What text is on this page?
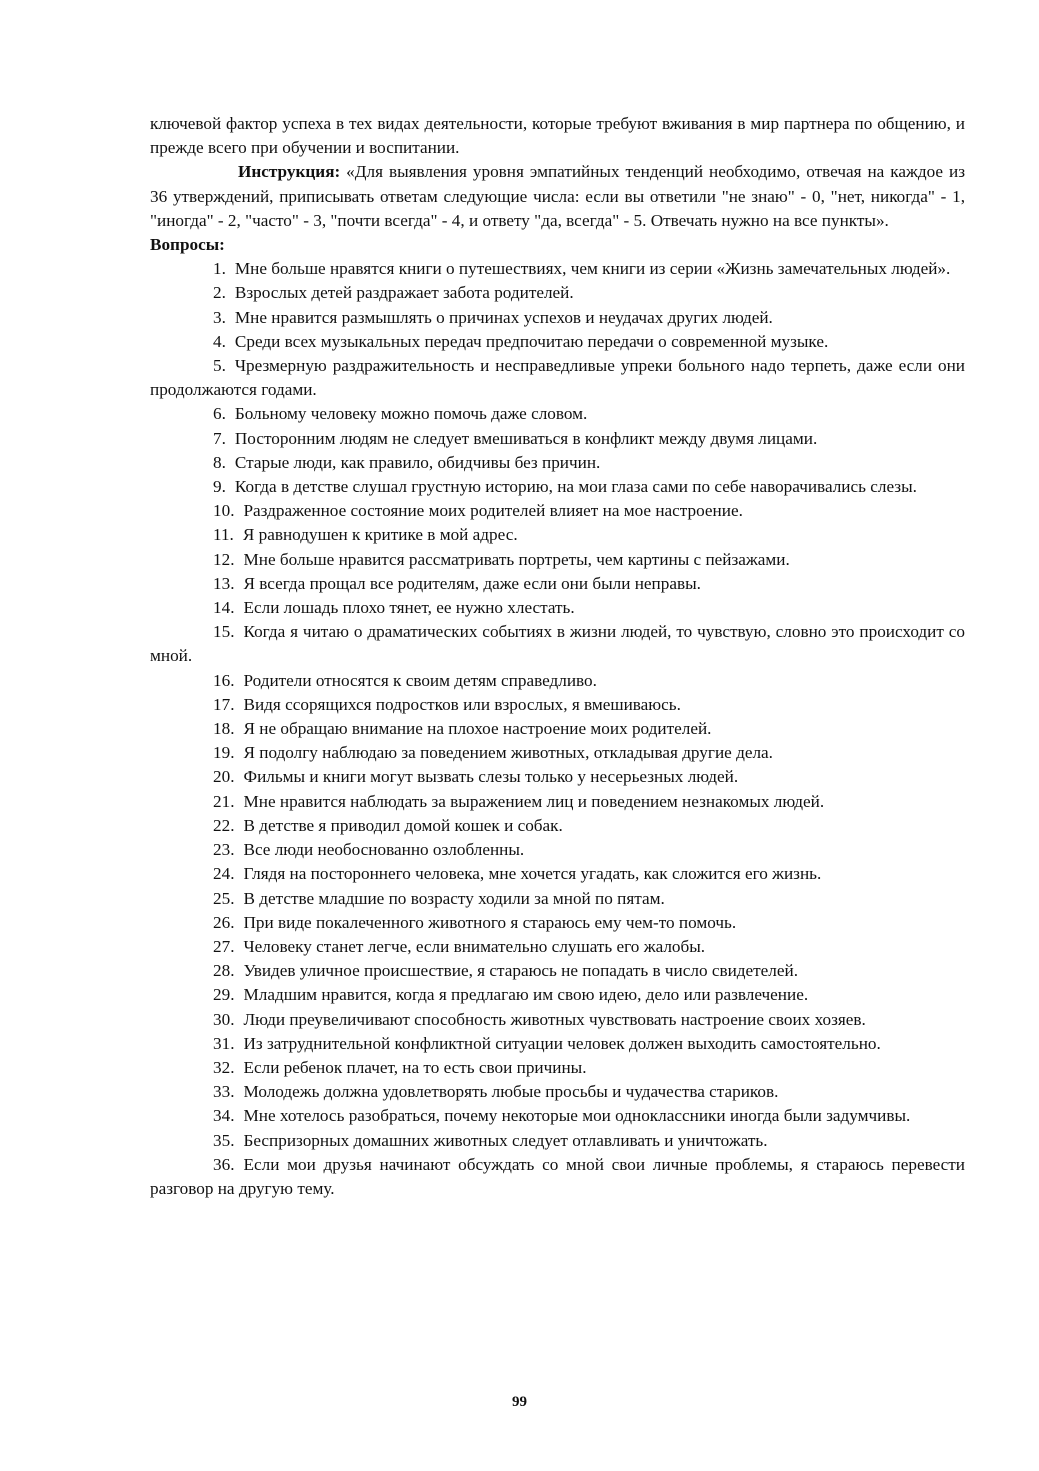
ключевой фактор успеха в тех видах деятельности, которые требуют вживания в мир партнера по общению, и прежде всего при обучении и воспитании.

Инструкция: «Для выявления уровня эмпатийных тенденций необходимо, отвечая на каждое из 36 утверждений, приписывать ответам следующие числа: если вы ответили "не знаю" - 0, "нет, никогда" - 1, "иногда" - 2, "часто" - 3, "почти всегда" - 4, и ответу "да, всегда" - 5. Отвечать нужно на все пункты».

Вопросы:

1. Мне больше нравятся книги о путешествиях, чем книги из серии «Жизнь замечательных людей».

2. Взрослых детей раздражает забота родителей.

3. Мне нравится размышлять о причинах успехов и неудачах других людей.

4. Среди всех музыкальных передач предпочитаю передачи о современной музыке.

5. Чрезмерную раздражительность и несправедливые упреки больного надо терпеть, даже если они продолжаются годами.

6. Больному человеку можно помочь даже словом.

7. Посторонним людям не следует вмешиваться в конфликт между двумя лицами.

8. Старые люди, как правило, обидчивы без причин.

9. Когда в детстве слушал грустную историю, на мои глаза сами по себе наворачивались слезы.

10. Раздраженное состояние моих родителей влияет на мое настроение.

11. Я равнодушен к критике в мой адрес.

12. Мне больше нравится рассматривать портреты, чем картины с пейзажами.

13. Я всегда прощал все родителям, даже если они были неправы.

14. Если лошадь плохо тянет, ее нужно хлестать.

15. Когда я читаю о драматических событиях в жизни людей, то чувствую, словно это происходит со мной.

16. Родители относятся к своим детям справедливо.

17. Видя ссорящихся подростков или взрослых, я вмешиваюсь.

18. Я не обращаю внимание на плохое настроение моих родителей.

19. Я подолгу наблюдаю за поведением животных, откладывая другие дела.

20. Фильмы и книги могут вызвать слезы только у несерьезных людей.

21. Мне нравится наблюдать за выражением лиц и поведением незнакомых людей.

22. В детстве я приводил домой кошек и собак.

23. Все люди необоснованно озлобленны.

24. Глядя на постороннего человека, мне хочется угадать, как сложится его жизнь.

25. В детстве младшие по возрасту ходили за мной по пятам.

26. При виде покалеченного животного я стараюсь ему чем-то помочь.

27. Человеку станет легче, если внимательно слушать его жалобы.

28. Увидев уличное происшествие, я стараюсь не попадать в число свидетелей.

29. Младшим нравится, когда я предлагаю им свою идею, дело или развлечение.

30. Люди преувеличивают способность животных чувствовать настроение своих хозяев.

31. Из затруднительной конфликтной ситуации человек должен выходить самостоятельно.

32. Если ребенок плачет, на то есть свои причины.

33. Молодежь должна удовлетворять любые просьбы и чудачества стариков.

34. Мне хотелось разобраться, почему некоторые мои одноклассники иногда были задумчивы.

35. Беспризорных домашних животных следует отлавливать и уничтожать.

36. Если мои друзья начинают обсуждать со мной свои личные проблемы, я стараюсь перевести разговор на другую тему.

99
